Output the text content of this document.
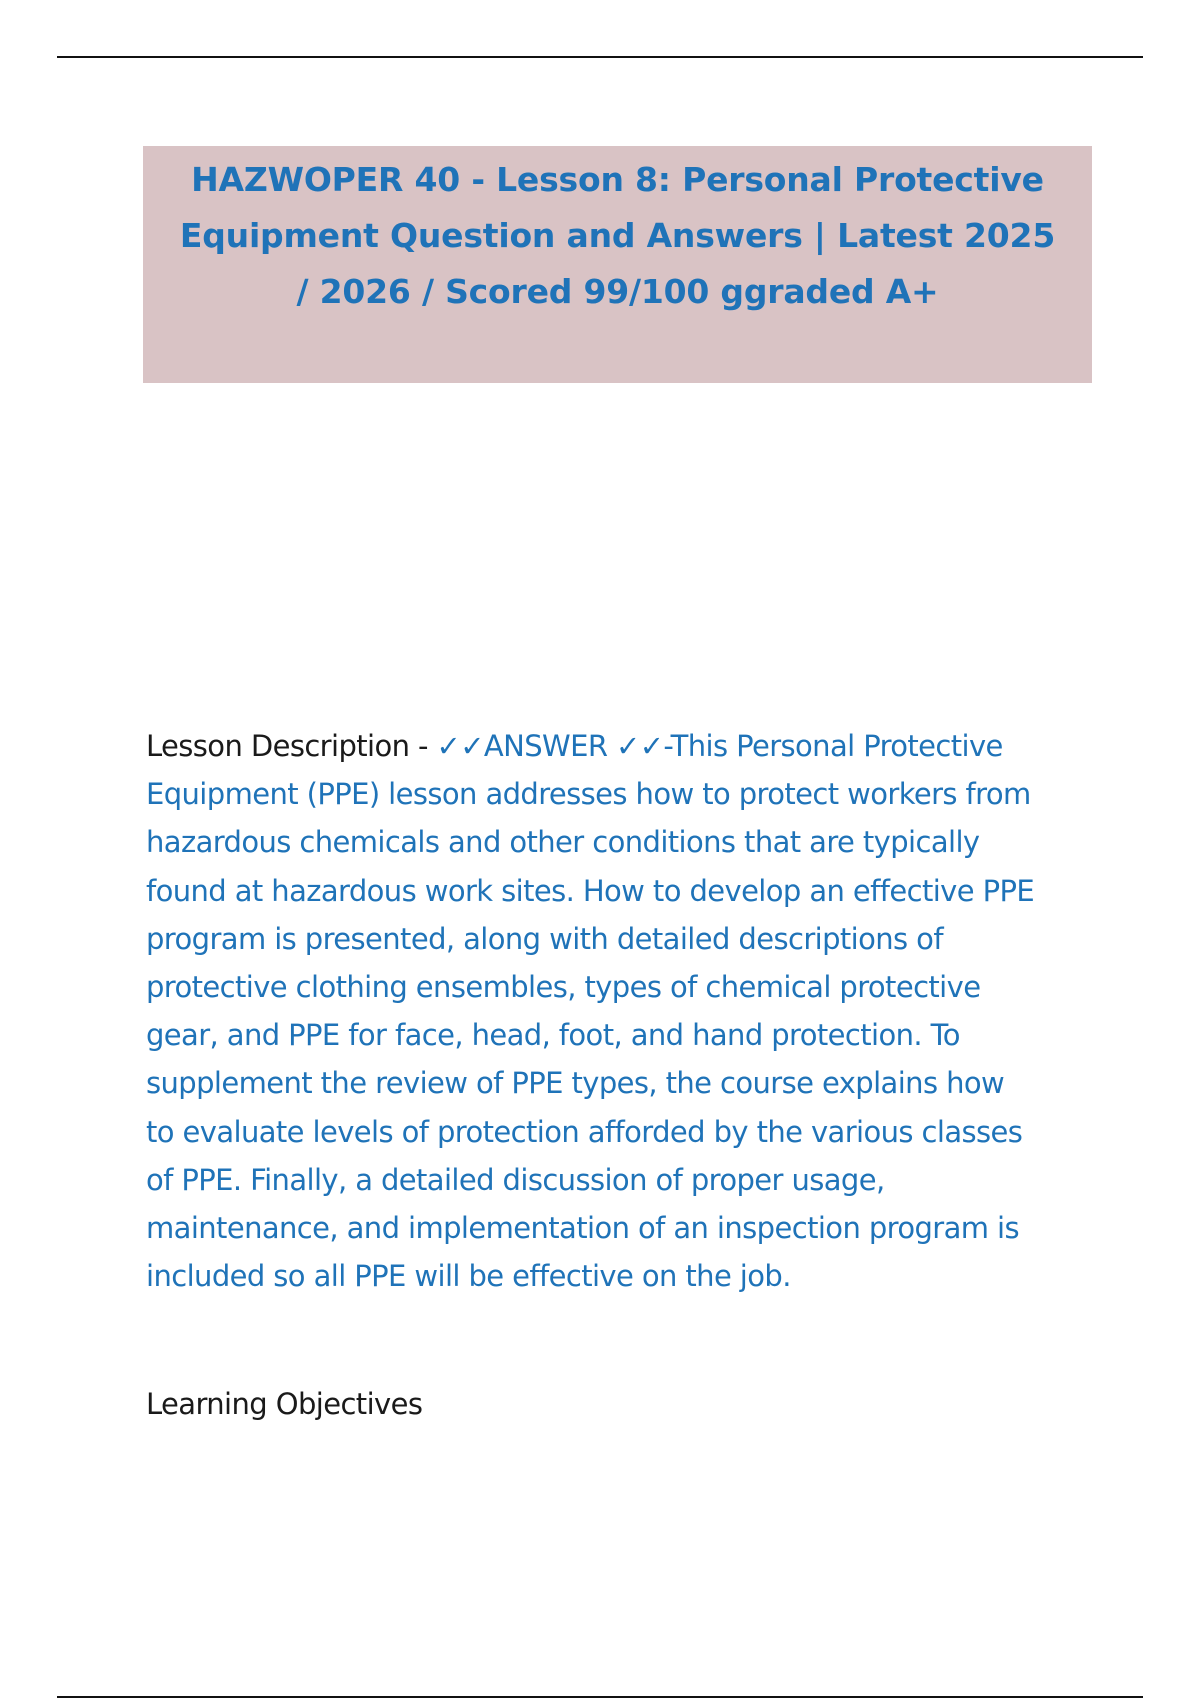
HAZWOPER 40 - Lesson 8: Personal Protective
Equipment Question and Answers | Latest 2025
/ 2026 / Scored 99/100 ggraded A+
Lesson Description - ✓✓ANSWER ✓✓-This Personal Protective
Equipment (PPE) lesson addresses how to protect workers from
hazardous chemicals and other conditions that are typically
found at hazardous work sites. How to develop an effective PPE
program is presented, along with detailed descriptions of
protective clothing ensembles, types of chemical protective
gear, and PPE for face, head, foot, and hand protection. To
supplement the review of PPE types, the course explains how
to evaluate levels of protection afforded by the various classes
of PPE. Finally, a detailed discussion of proper usage,
maintenance, and implementation of an inspection program is
included so all PPE will be effective on the job.
Learning Objectives
